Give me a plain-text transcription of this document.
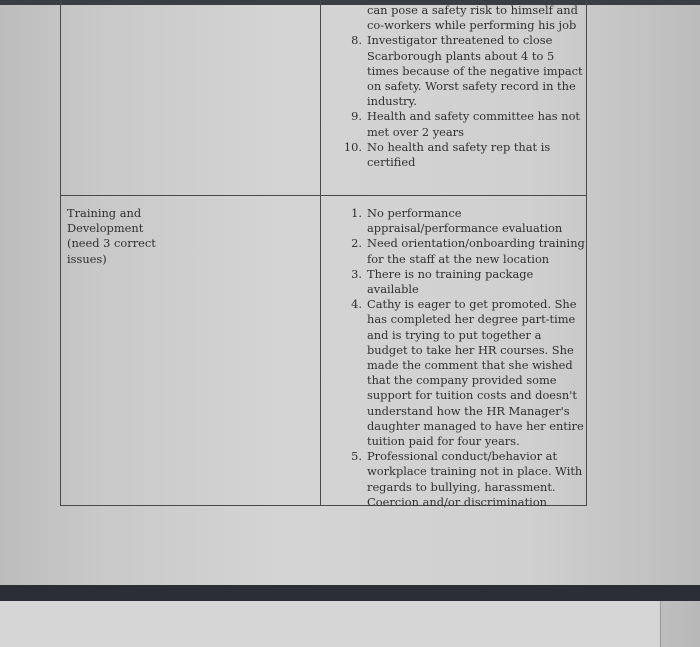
can pose a safety risk to himself and co-workers while performing his job
8. Investigator threatened to close Scarborough plants about 4 to 5 times because of the negative impact on safety. Worst safety record in the industry.
9. Health and safety committee has not met over 2 years
10. No health and safety rep that is certified
Training and Development (need 3 correct issues)
1. No performance appraisal/performance evaluation
2. Need orientation/onboarding training for the staff at the new location
3. There is no training package available
4. Cathy is eager to get promoted. She has completed her degree part-time and is trying to put together a budget to take her HR courses. She made the comment that she wished that the company provided some support for tuition costs and doesn't understand how the HR Manager's daughter managed to have her entire tuition paid for four years.
5. Professional conduct/behavior at workplace training not in place. With regards to bullying, harassment. Coercion and/or discrimination
